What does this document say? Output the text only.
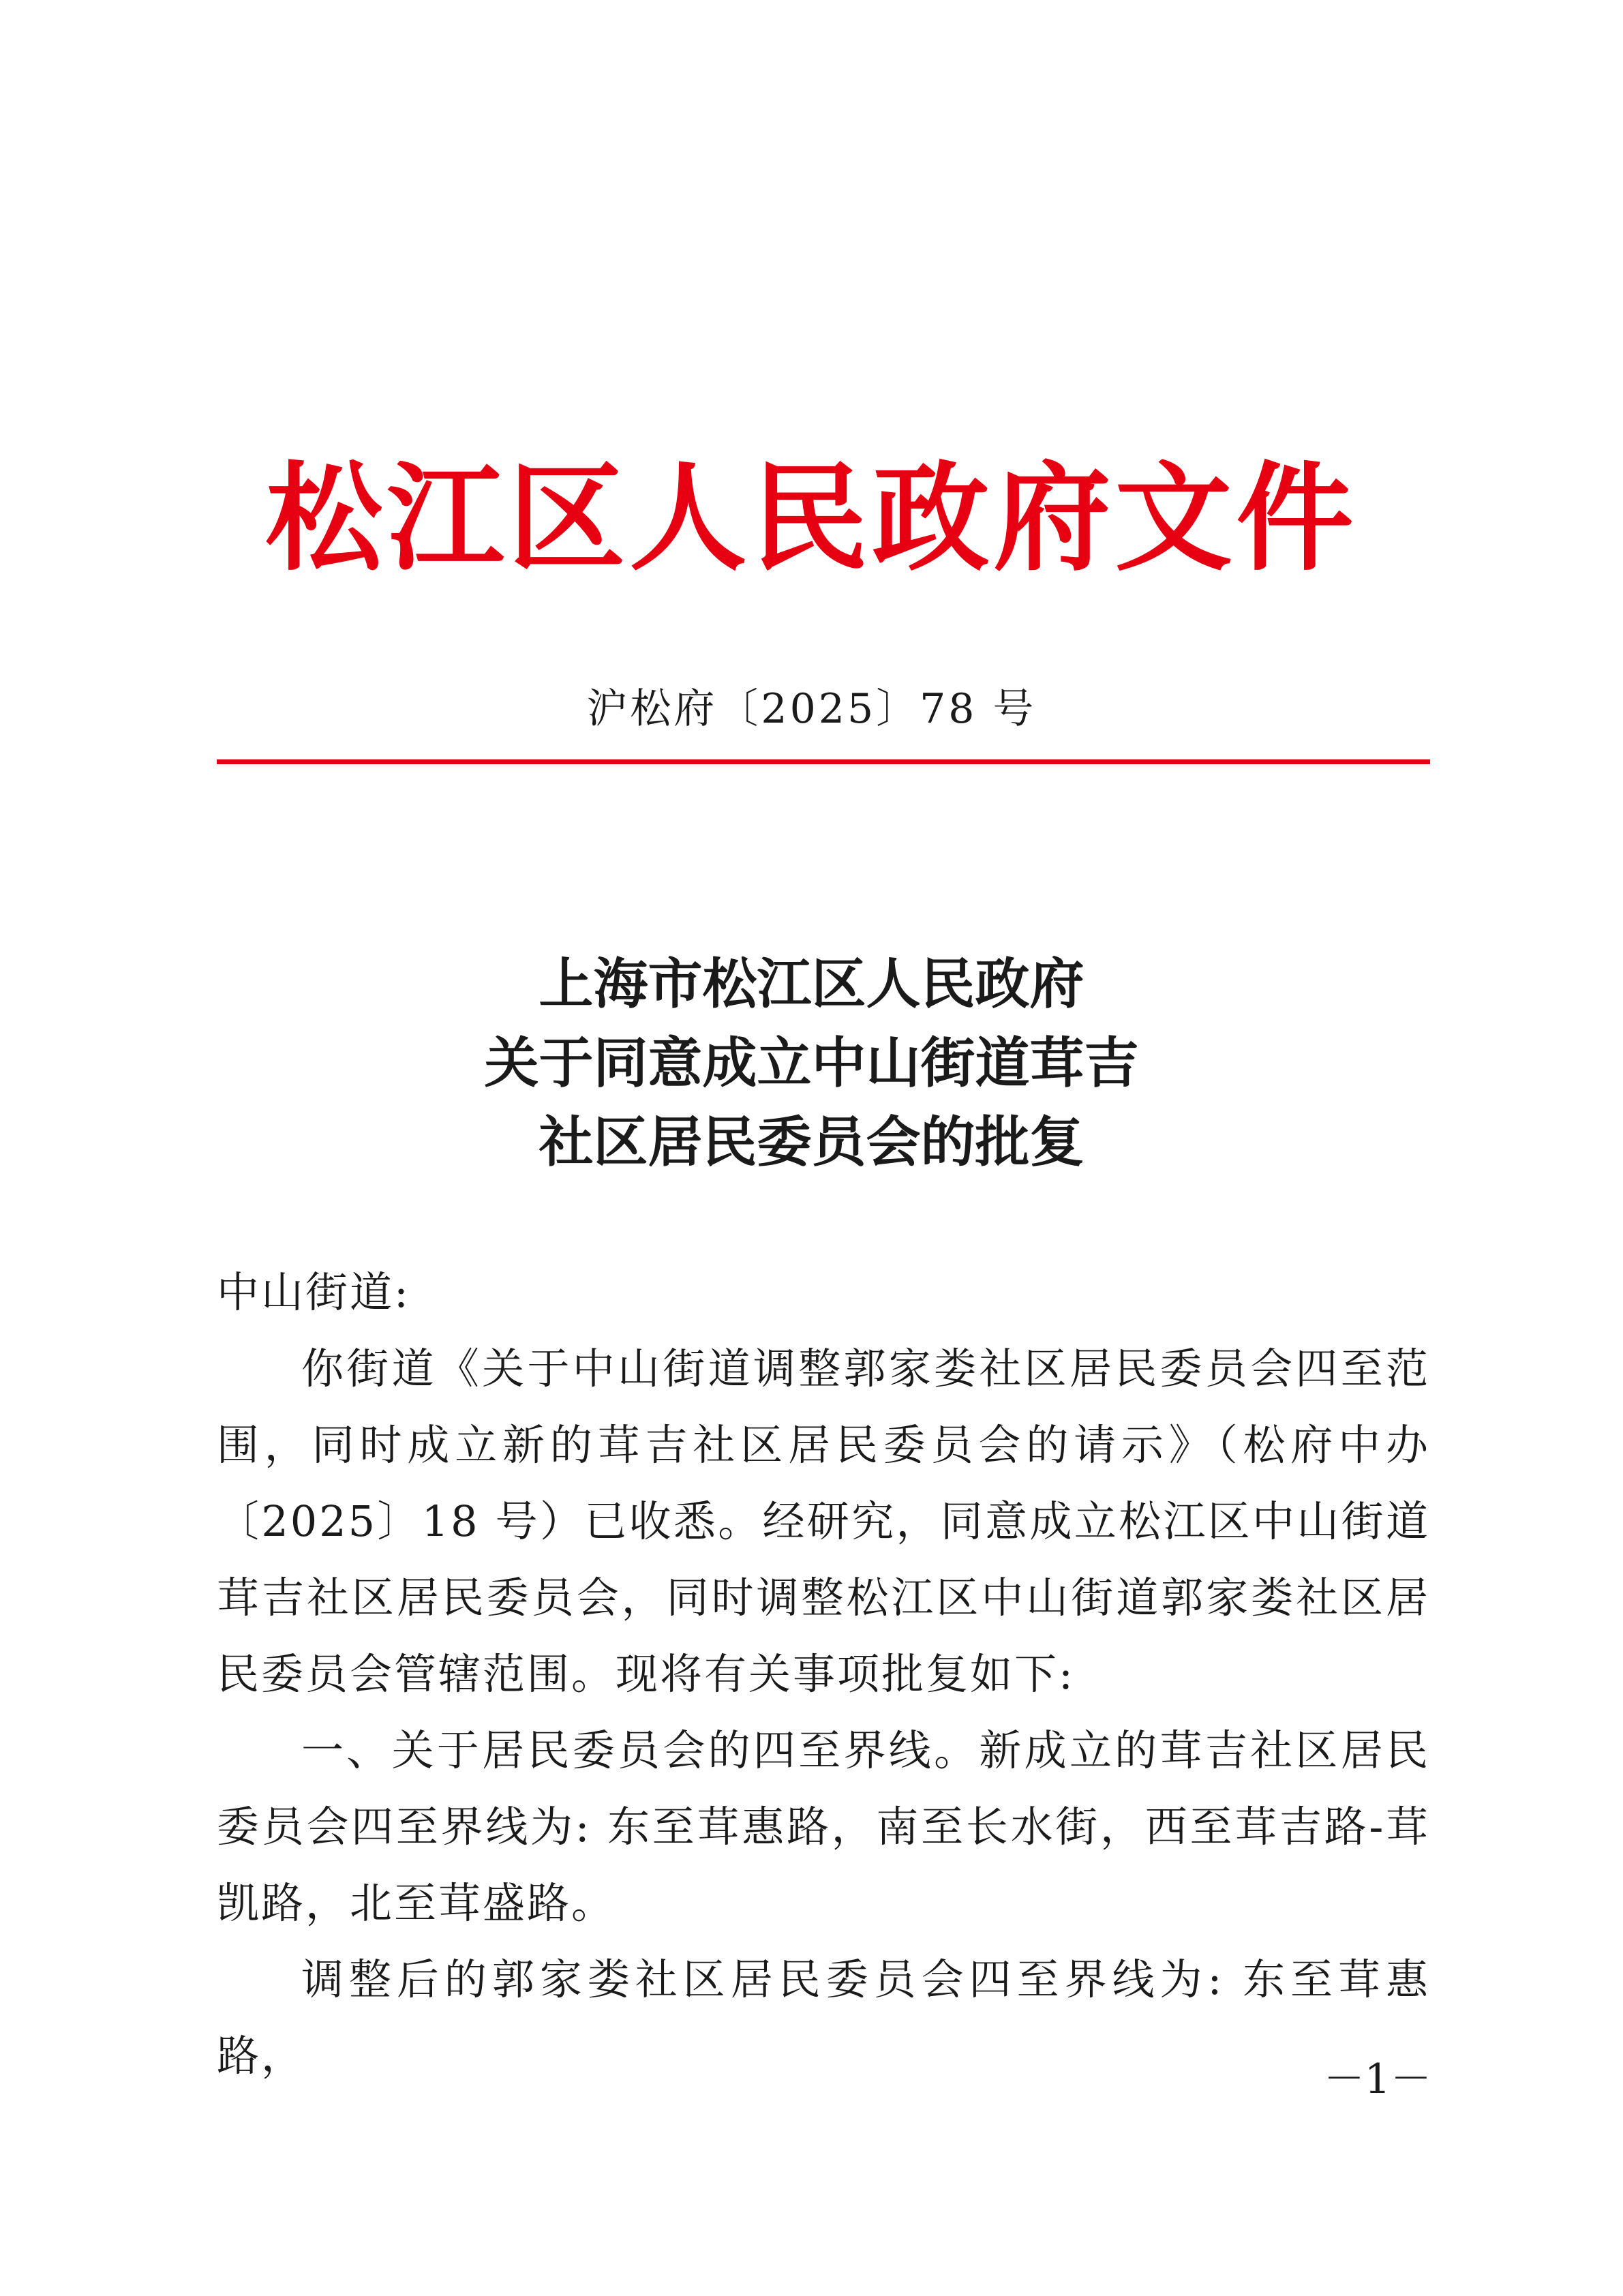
松江区人民政府文件
沪松府〔2025〕78 号
上海市松江区人民政府
关于同意成立中山街道茸吉
社区居民委员会的批复

中山街道:

你街道《关于中山街道调整郭家娄社区居民委员会四至范围，同时成立新的茸吉社区居民委员会的请示》（松府中办〔2025〕18 号）已收悉。经研究，同意成立松江区中山街道茸吉社区居民委员会，同时调整松江区中山街道郭家娄社区居民委员会管辖范围。现将有关事项批复如下:

一、关于居民委员会的四至界线。新成立的茸吉社区居民委员会四至界线为: 东至茸惠路，南至长水街，西至茸吉路-茸凯路，北至茸盛路。

调整后的郭家娄社区居民委员会四至界线为: 东至茸惠路，	－1－
